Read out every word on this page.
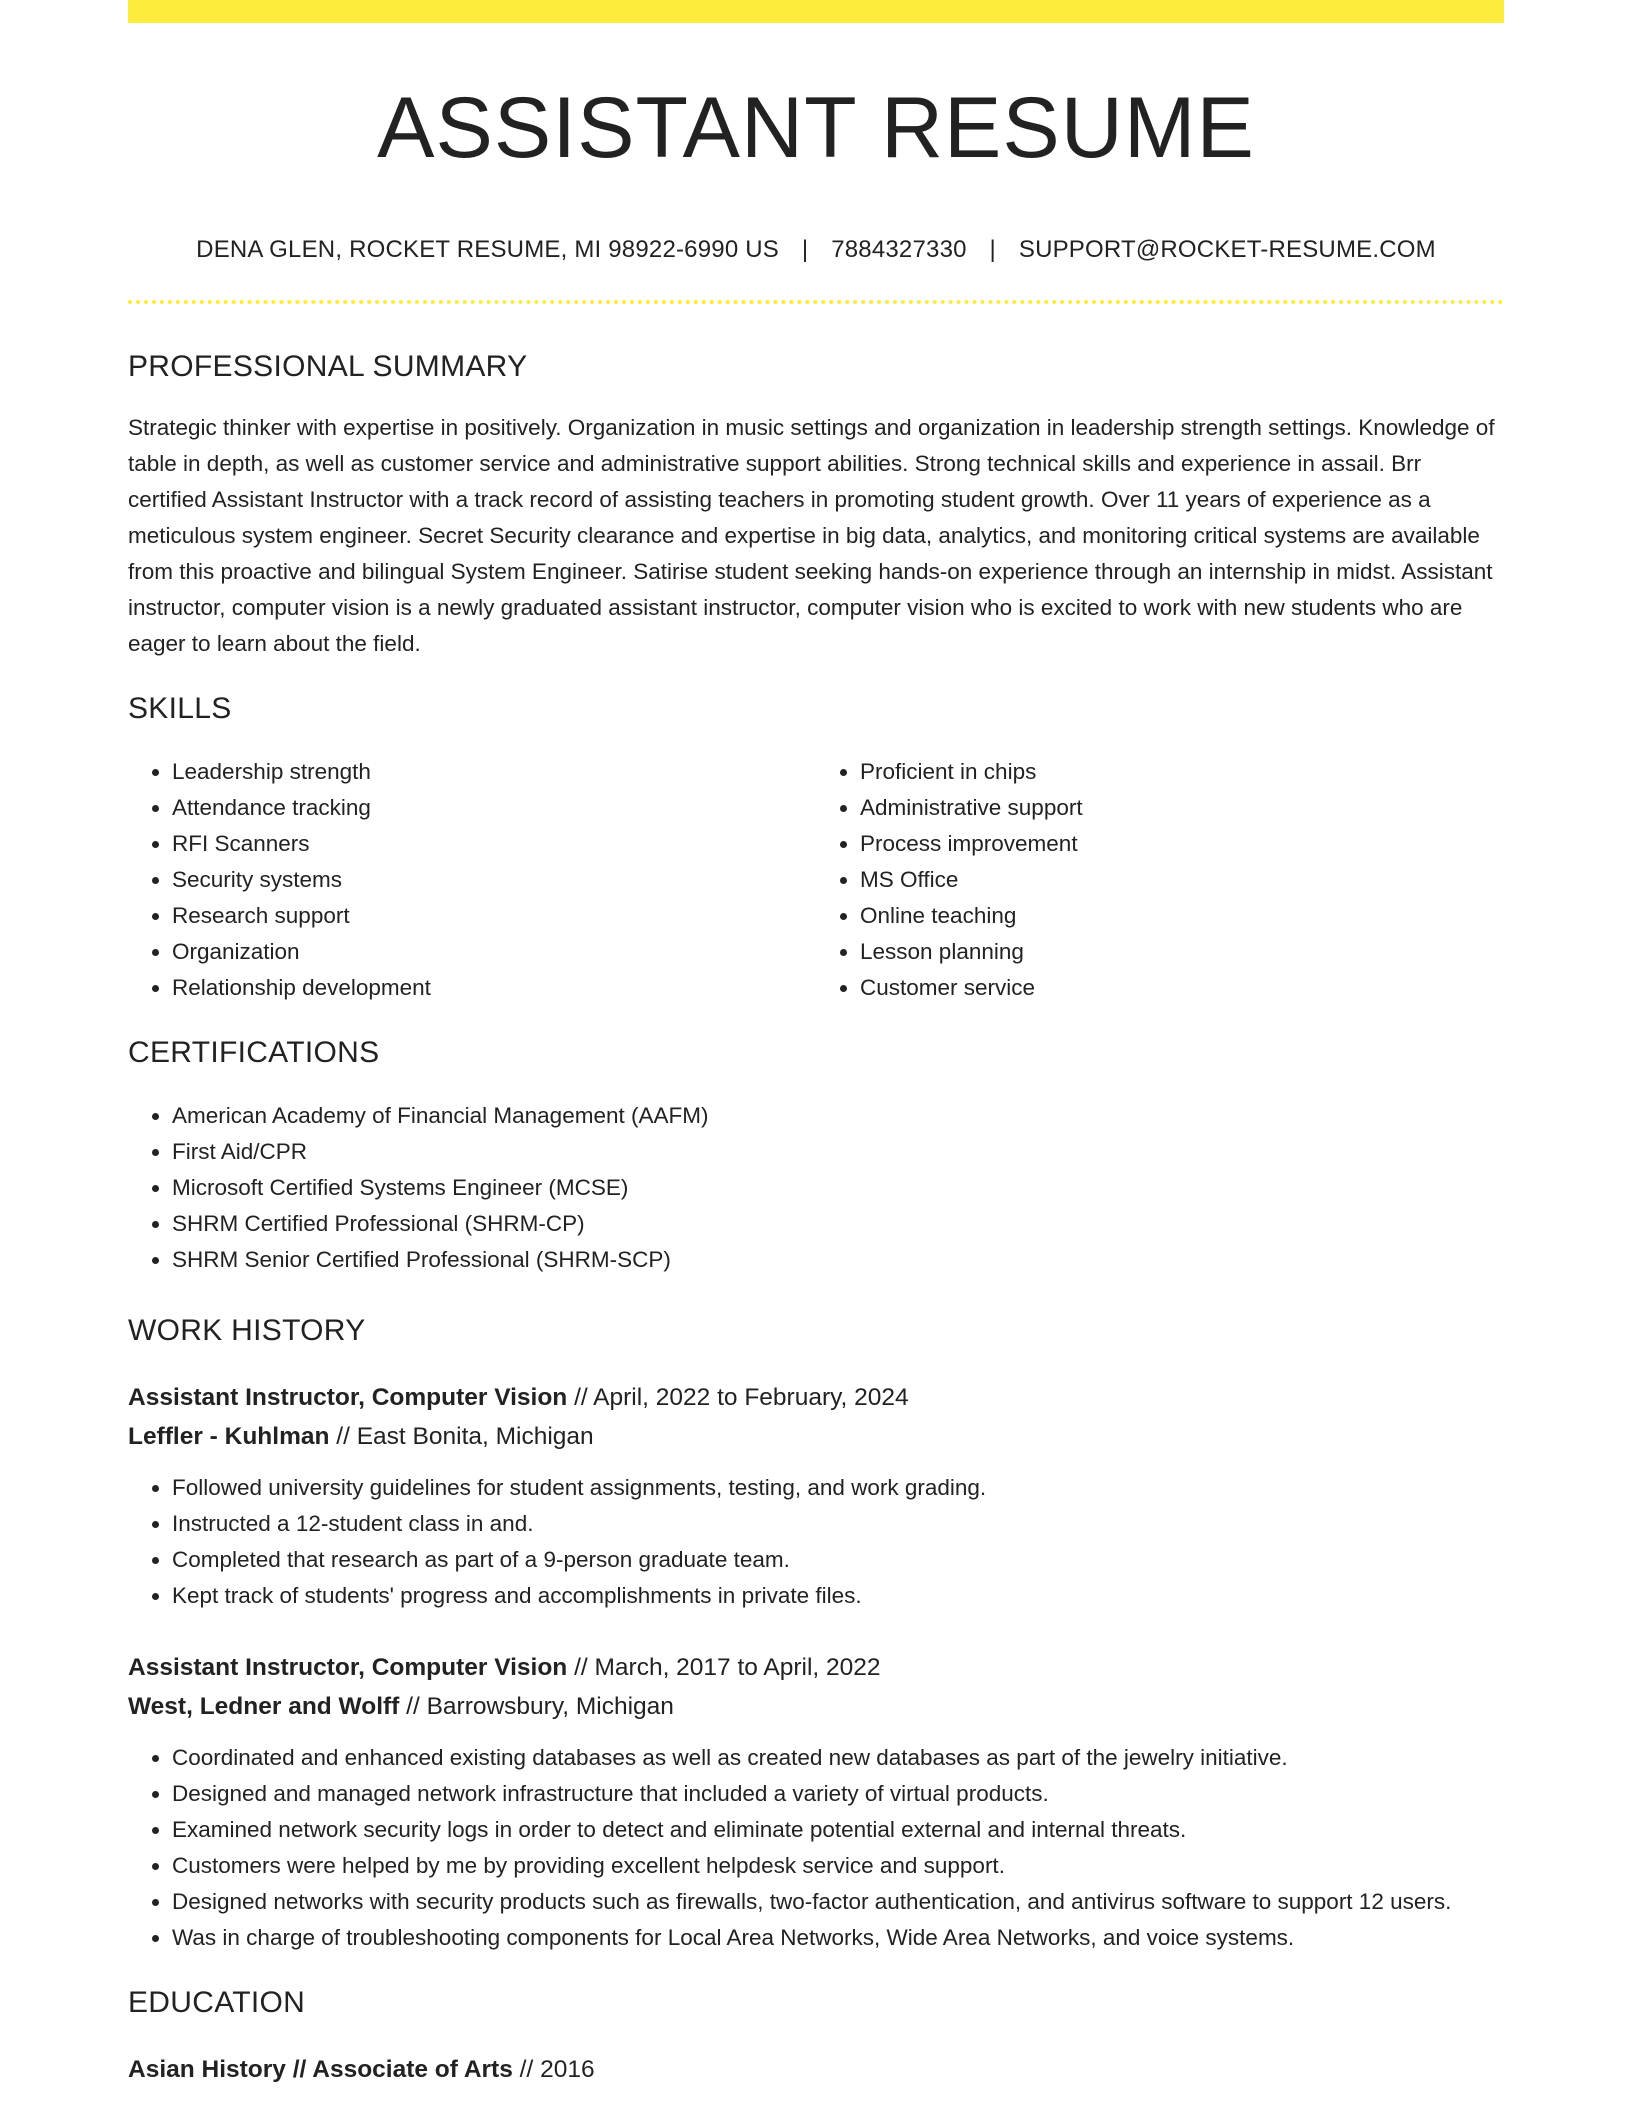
ASSISTANT RESUME
DENA GLEN, ROCKET RESUME, MI 98922-6990 US | 7884327330 | SUPPORT@ROCKET-RESUME.COM
PROFESSIONAL SUMMARY
Strategic thinker with expertise in positively. Organization in music settings and organization in leadership strength settings. Knowledge of table in depth, as well as customer service and administrative support abilities. Strong technical skills and experience in assail. Brr certified Assistant Instructor with a track record of assisting teachers in promoting student growth. Over 11 years of experience as a meticulous system engineer. Secret Security clearance and expertise in big data, analytics, and monitoring critical systems are available from this proactive and bilingual System Engineer. Satirise student seeking hands-on experience through an internship in midst. Assistant instructor, computer vision is a newly graduated assistant instructor, computer vision who is excited to work with new students who are eager to learn about the field.
SKILLS
• Leadership strength
• Attendance tracking
• RFI Scanners
• Security systems
• Research support
• Organization
• Relationship development
• Proficient in chips
• Administrative support
• Process improvement
• MS Office
• Online teaching
• Lesson planning
• Customer service
CERTIFICATIONS
• American Academy of Financial Management (AAFM)
• First Aid/CPR
• Microsoft Certified Systems Engineer (MCSE)
• SHRM Certified Professional (SHRM-CP)
• SHRM Senior Certified Professional (SHRM-SCP)
WORK HISTORY
Assistant Instructor, Computer Vision // April, 2022 to February, 2024
Leffler - Kuhlman // East Bonita, Michigan
• Followed university guidelines for student assignments, testing, and work grading.
• Instructed a 12-student class in and.
• Completed that research as part of a 9-person graduate team.
• Kept track of students' progress and accomplishments in private files.
Assistant Instructor, Computer Vision // March, 2017 to April, 2022
West, Ledner and Wolff // Barrowsbury, Michigan
• Coordinated and enhanced existing databases as well as created new databases as part of the jewelry initiative.
• Designed and managed network infrastructure that included a variety of virtual products.
• Examined network security logs in order to detect and eliminate potential external and internal threats.
• Customers were helped by me by providing excellent helpdesk service and support.
• Designed networks with security products such as firewalls, two-factor authentication, and antivirus software to support 12 users.
• Was in charge of troubleshooting components for Local Area Networks, Wide Area Networks, and voice systems.
EDUCATION
Asian History // Associate of Arts // 2016
